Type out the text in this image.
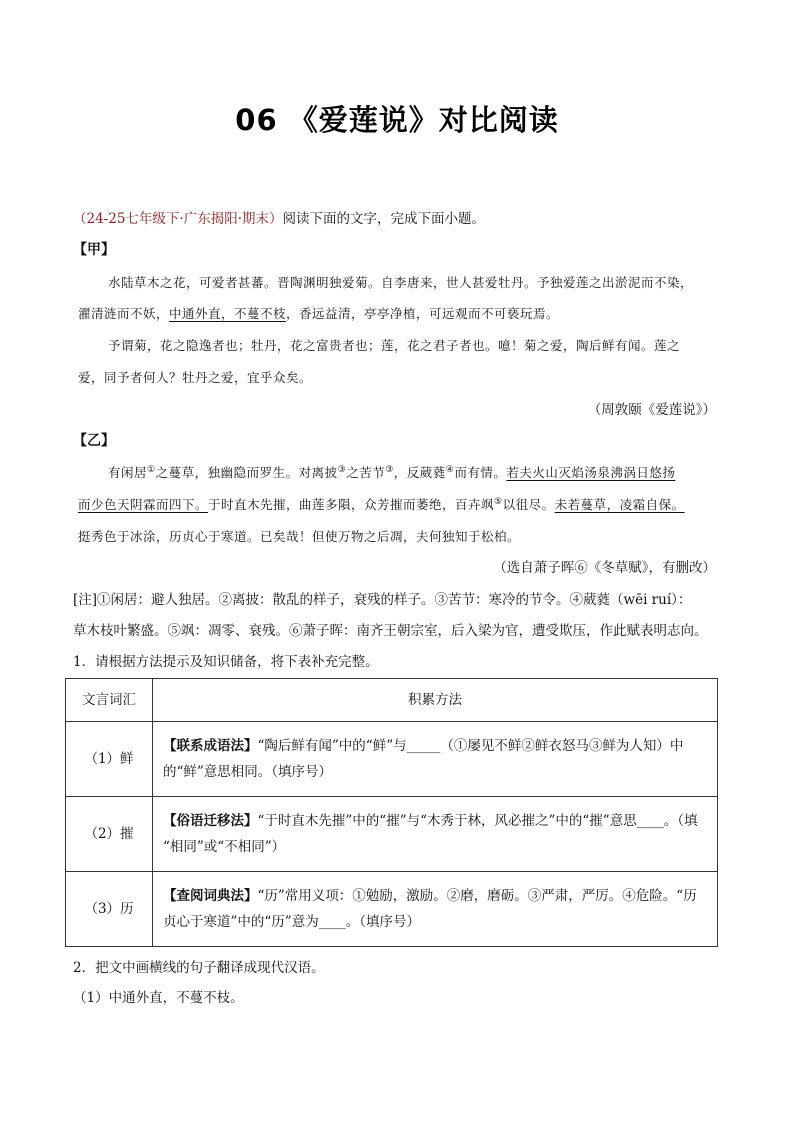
06 《爱莲说》对比阅读
（24-25七年级下·广东揭阳·期末）阅读下面的文字，完成下面小题。
【甲】
水陆草木之花，可爱者甚蕃。晋陶渊明独爱菊。自李唐来，世人甚爱牡丹。予独爱莲之出淤泥而不染，
濯清涟而不妖，中通外直，不蔓不枝，香远益清，亭亭净植，可远观而不可亵玩焉。
予谓菊，花之隐逸者也；牡丹，花之富贵者也；莲，花之君子者也。噫！菊之爱，陶后鲜有闻。莲之
爱，同予者何人？牡丹之爱，宜乎众矣。
（周敦颐《爱莲说》）
【乙】
有闲居①之蔓草，独幽隐而罗生。对离披③之苦节③，反葳蕤④而有情。若夫火山灭焰汤泉沸涡日悠扬
而少色天阴霖而四下。于时直木先摧，曲莲多隕，众芳摧而萎绝，百卉飒⑤以徂尽。未若蔓草，凌霜自保。
挺秀色于冰涂，历贞心于寒道。已矣哉！但使万物之后凋，夫何独知于松柏。
（选自萧子晖⑥《冬草赋》，有删改）
[注]①闲居：避人独居。②离披：散乱的样子，衰残的样子。③苦节：寒冷的节令。④葳蕤（wēi ruí）：
草木枝叶繁盛。⑤飒：凋零、衰残。⑥萧子晖：南齐王朝宗室，后入梁为官，遭受欺压，作此赋表明志向。
1．请根据方法提示及知识储备，将下表补充完整。
文言词汇	积累方法
（1）鲜	【联系成语法】“陶后鲜有闻”中的“鲜”与_____（①屡见不鲜②鲜衣怒马③鲜为人知）中
的“鲜”意思相同。（填序号）
（2）摧	【俗语迁移法】“于时直木先摧”中的“摧”与“木秀于林，风必摧之”中的“摧”意思____。（填
“相同”或“不相同”）
（3）历	【查阅词典法】“历”常用义项：①勉励，激励。②磨，磨砺。③严肃，严厉。④危险。“历
贞心于寒道”中的“历”意为____。（填序号）
2．把文中画横线的句子翻译成现代汉语。
（1）中通外直，不蔓不枝。
